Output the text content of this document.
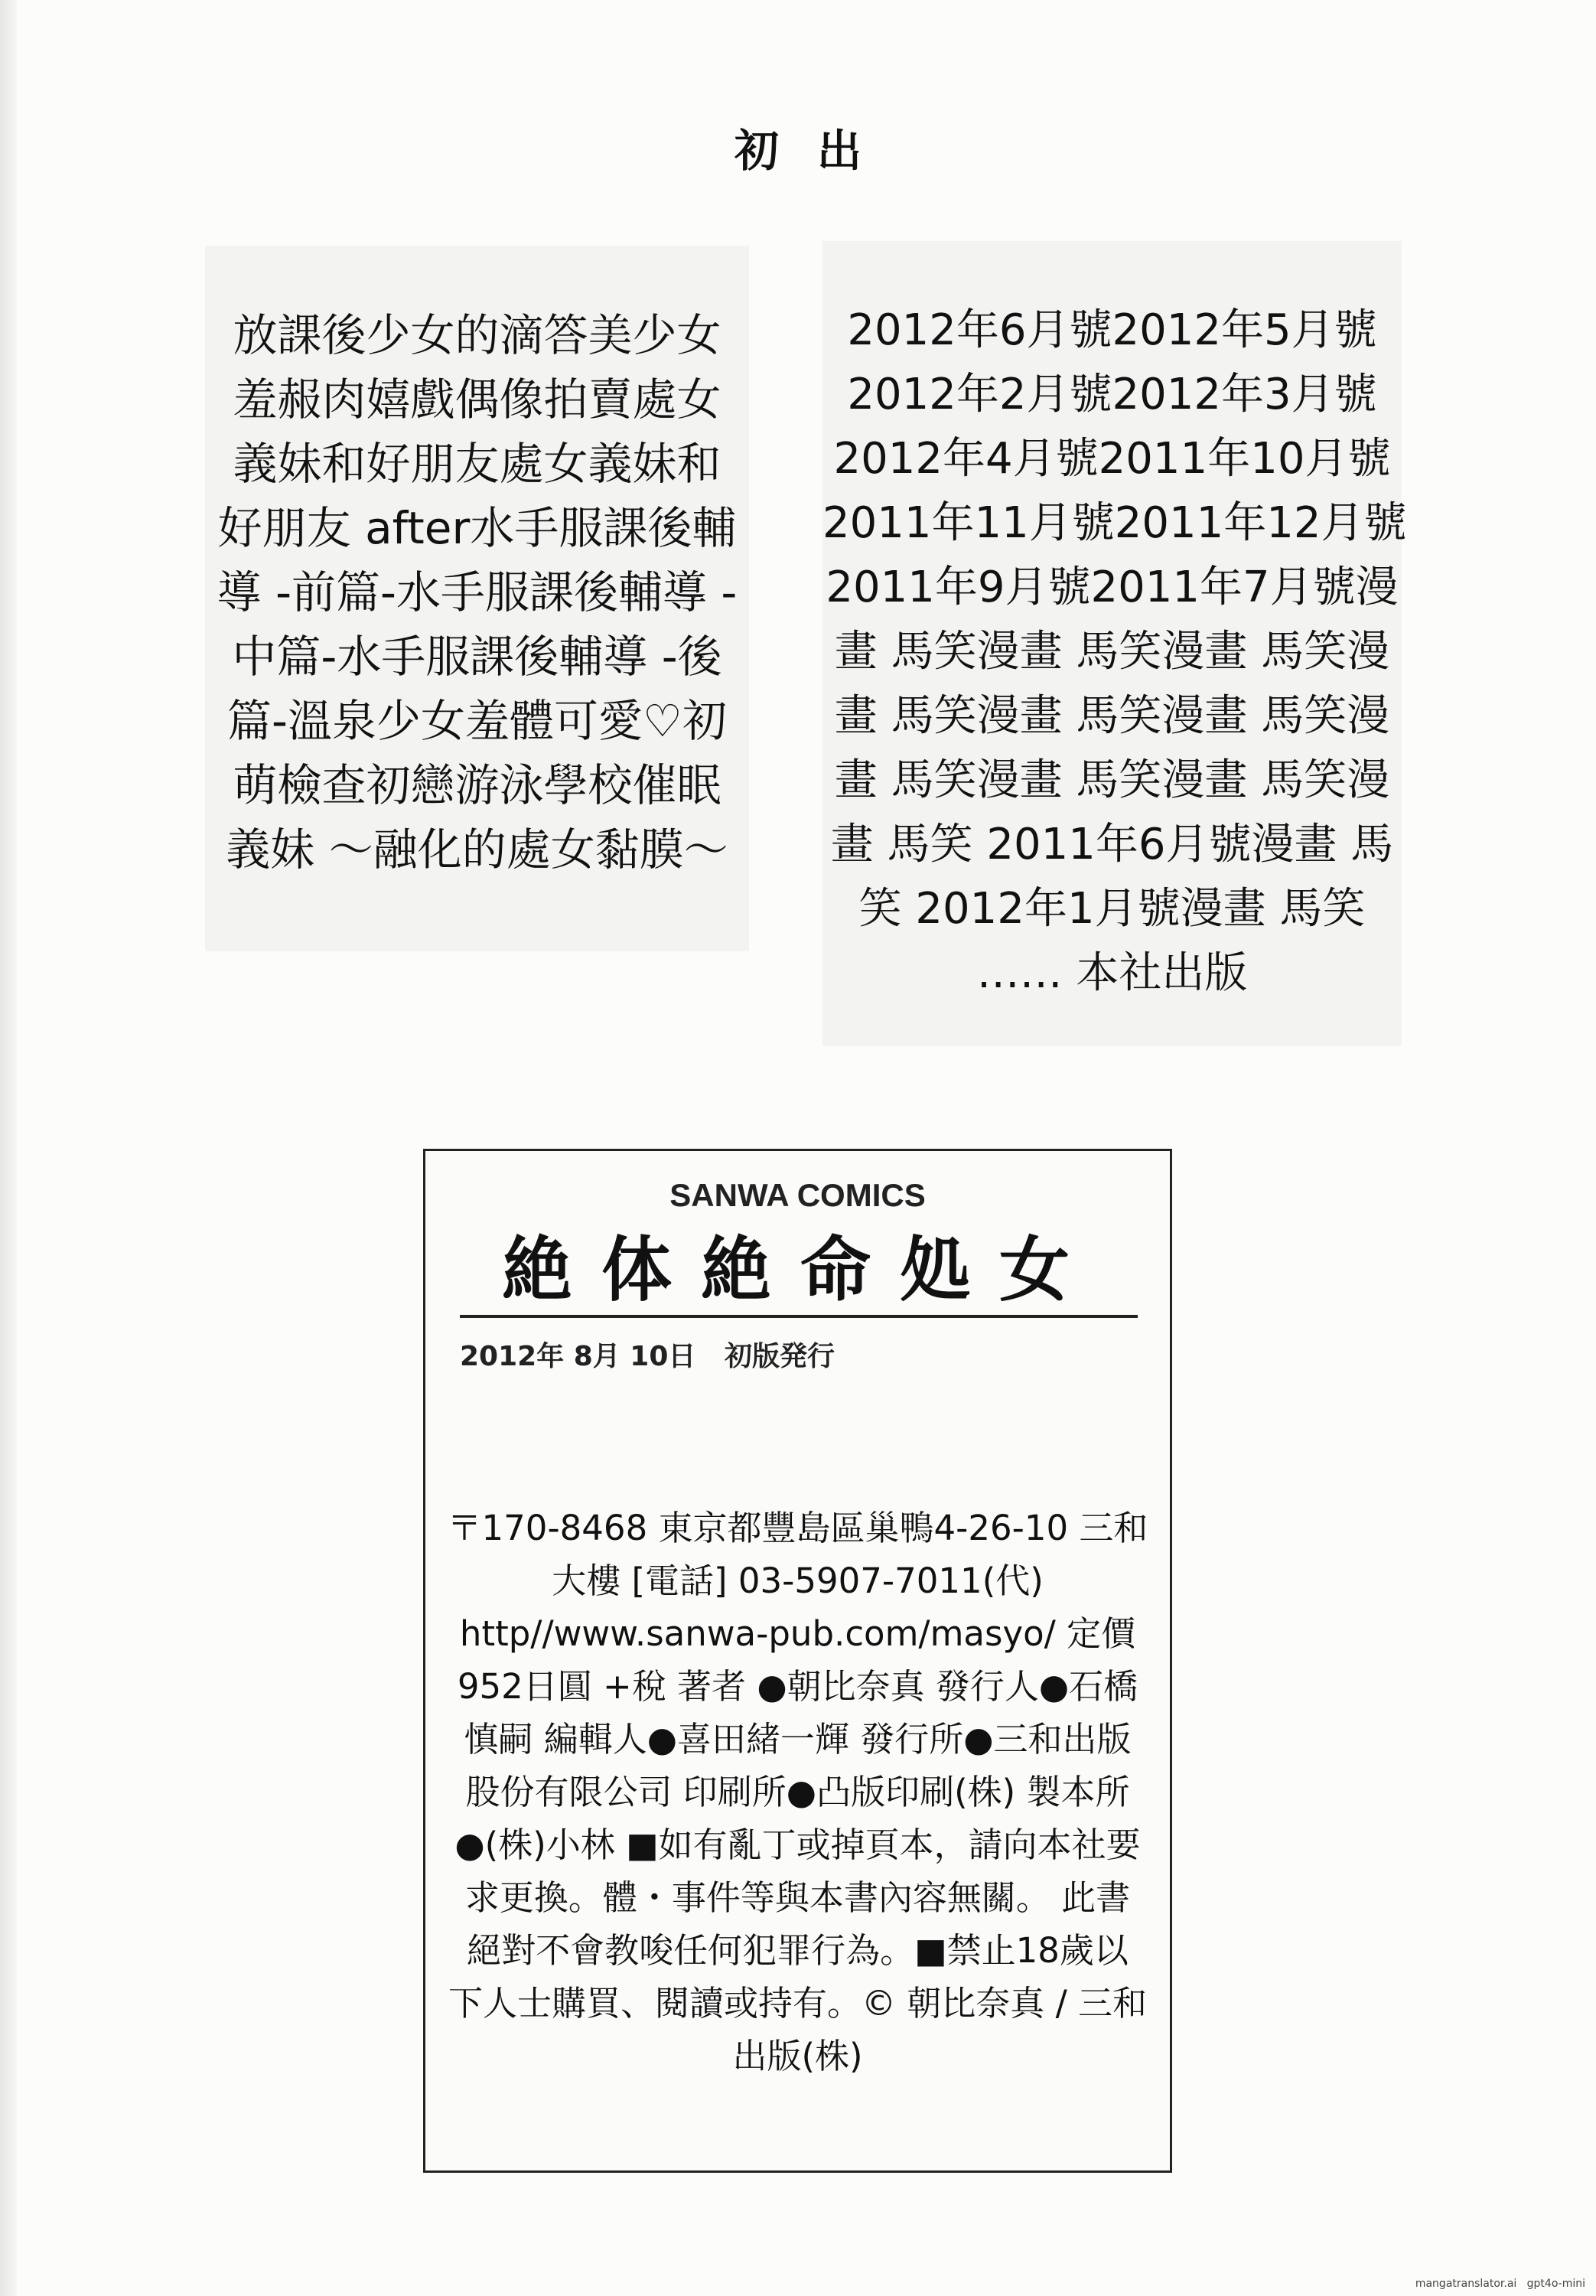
初出
放課後少女的滴答美少女
羞赧肉嬉戲偶像拍賣處女
義妹和好朋友處女義妹和
好朋友 after水手服課後輔
導 -前篇-水手服課後輔導 -
中篇-水手服課後輔導 -後
篇-溫泉少女羞體可愛♡初
萌檢查初戀游泳學校催眠
義妹 〜融化的處女黏膜〜
2012年6月號2012年5月號
2012年2月號2012年3月號
2012年4月號2011年10月號
2011年11月號2011年12月號
2011年9月號2011年7月號漫
畫 馬笑漫畫 馬笑漫畫 馬笑漫
畫 馬笑漫畫 馬笑漫畫 馬笑漫
畫 馬笑漫畫 馬笑漫畫 馬笑漫
畫 馬笑 2011年6月號漫畫 馬
笑 2012年1月號漫畫 馬笑
…… 本社出版
SANWA COMICS
絶体絶命処女
2012年 8月 10日   初版発行
〒170-8468 東京都豐島區巢鴨4-26-10 三和
大樓 [電話] 03-5907-7011(代)
http//www.sanwa-pub.com/masyo/ 定價
952日圓 +稅 著者 ●朝比奈真 發行人●石橋
慎嗣 編輯人●喜田緒一輝 發行所●三和出版
股份有限公司 印刷所●凸版印刷(株) 製本所
●(株)小林 ■如有亂丁或掉頁本，請向本社要
求更換。體・事件等與本書內容無關。 此書
絕對不會教唆任何犯罪行為。■禁止18歲以
下人士購買、閱讀或持有。© 朝比奈真 / 三和
出版(株)
mangatranslator.ai   gpt4o-mini
